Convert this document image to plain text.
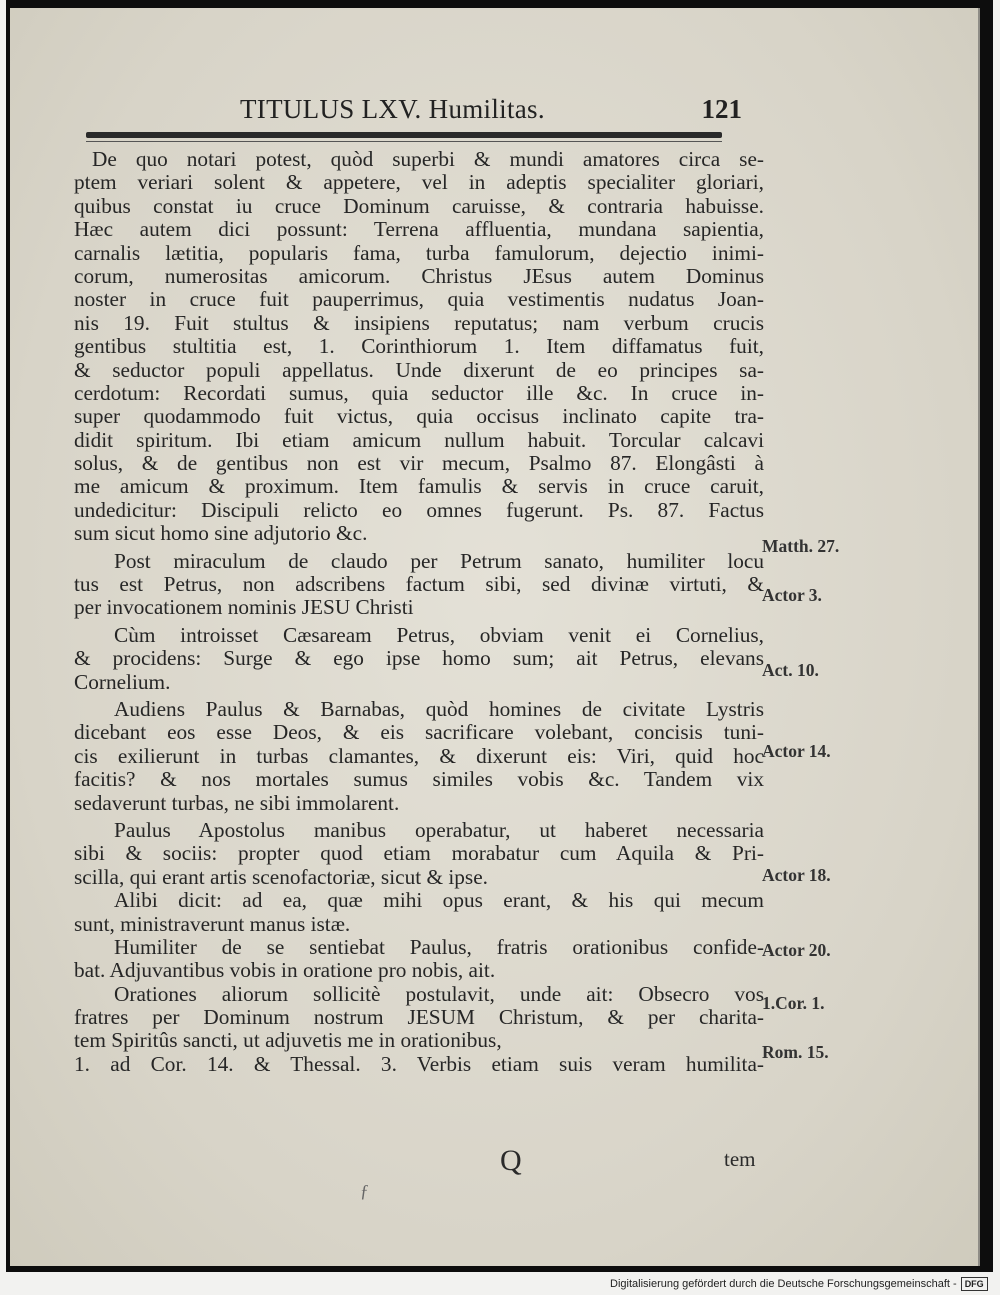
TITULUS LXV. Humilitas.	121
De quo notari potest, quòd superbi & mundi amatores circa se-
ptem veriari solent & appetere, vel in adeptis specialiter gloriari,
quibus constat iu cruce Dominum caruisse, & contraria habuisse.
Hæc autem dici possunt: Terrena affluentia, mundana sapientia,
carnalis lætitia, popularis fama, turba famulorum, dejectio inimi-
corum, numerositas amicorum. Christus JEsus autem Dominus
noster in cruce fuit pauperrimus, quia vestimentis nudatus Joan-
nis 19. Fuit stultus & insipiens reputatus; nam verbum crucis
gentibus stultitia est, 1. Corinthiorum 1. Item diffamatus fuit,
& seductor populi appellatus. Unde dixerunt de eo principes sa-
cerdotum: Recordati sumus, quia seductor ille &c. In cruce in-
super quodammodo fuit victus, quia occisus inclinato capite tra-
didit spiritum. Ibi etiam amicum nullum habuit. Torcular calcavi
solus, & de gentibus non est vir mecum, Psalmo 87. Elongâsti à
me amicum & proximum. Item famulis & servis in cruce caruit,
undedicitur: Discipuli relicto eo omnes fugerunt. Ps. 87. Factus
sum sicut homo sine adjutorio &c.
Post miraculum de claudo per Petrum sanato, humiliter locu
tus est Petrus, non adscribens factum sibi, sed divinæ virtuti, &
per invocationem nominis JESU Christi
Cùm introisset Cæsaream Petrus, obviam venit ei Cornelius,
& procidens: Surge & ego ipse homo sum; ait Petrus, elevans
Cornelium.
Audiens Paulus & Barnabas, quòd homines de civitate Lystris
dicebant eos esse Deos, & eis sacrificare volebant, concisis tuni-
cis exilierunt in turbas clamantes, & dixerunt eis: Viri, quid hoc
facitis? & nos mortales sumus similes vobis &c. Tandem vix
sedaverunt turbas, ne sibi immolarent.
Paulus Apostolus manibus operabatur, ut haberet necessaria
sibi & sociis: propter quod etiam morabatur cum Aquila & Pri-
scilla, qui erant artis scenofactoriæ, sicut & ipse.
Alibi dicit: ad ea, quæ mihi opus erant, & his qui mecum
sunt, ministraverunt manus istæ.
Humiliter de se sentiebat Paulus, fratris orationibus confide-
bat. Adjuvantibus vobis in oratione pro nobis, ait.
Orationes aliorum sollicitè postulavit, unde ait: Obsecro vos
fratres per Dominum nostrum JESUM Christum, & per charita-
tem Spiritûs sancti, ut adjuvetis me in orationibus,
1. ad Cor. 14. & Thessal. 3. Verbis etiam suis veram humilita-
Matth. 27.
Actor 3.
Act. 10.
Actor 14.
Actor 18.
Actor 20.
1.Cor. 1.
Rom. 15.
Q	tem
ƒ
Digitalisierung gefördert durch die Deutsche Forschungsgemeinschaft - DFG
